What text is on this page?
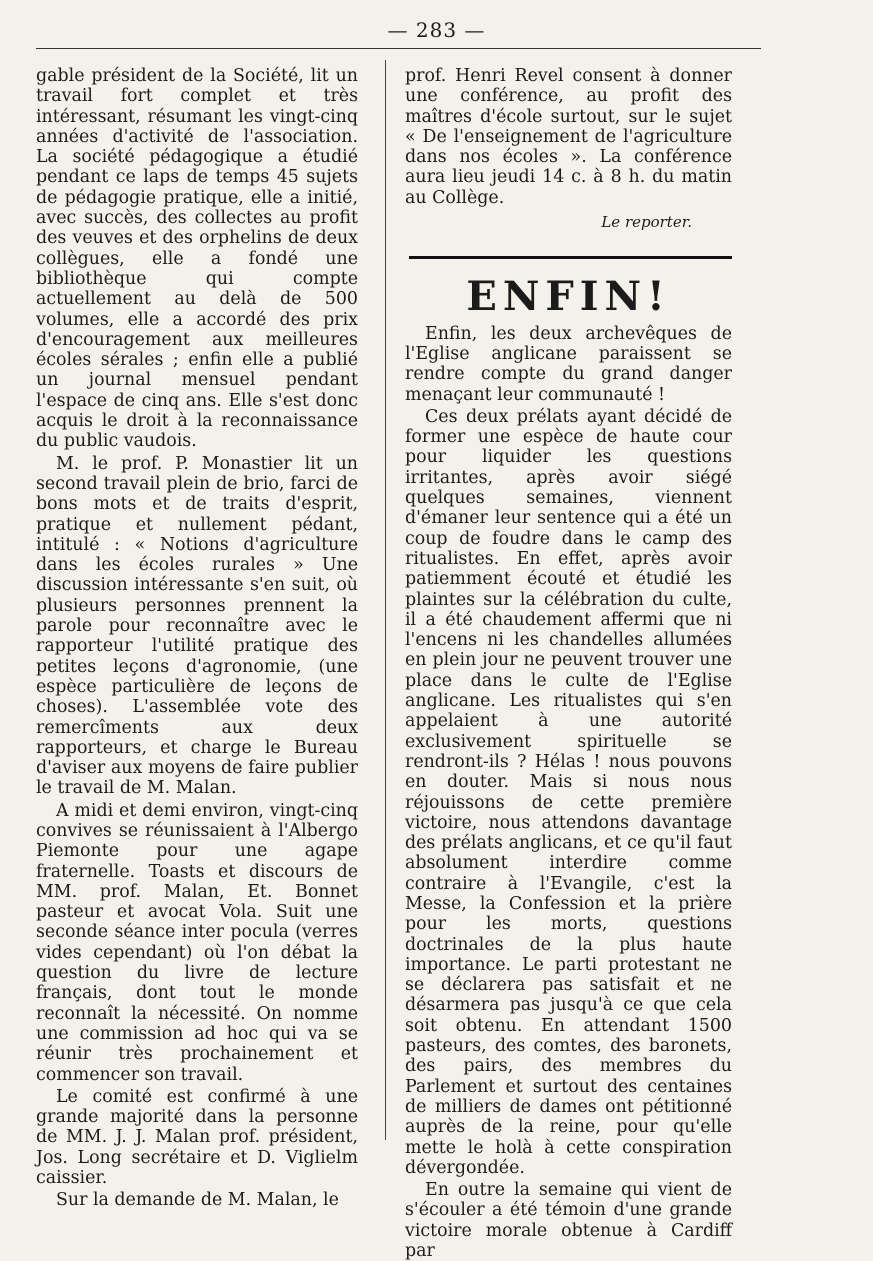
— 283 —

gable président de la Société, lit un travail fort complet et très intéressant, résumant les vingt-cinq années d'activité de l'association. La société pédagogique a étudié pendant ce laps de temps 45 sujets de pédagogie pratique, elle a initié, avec succès, des collectes au profit des veuves et des orphelins de deux collègues, elle a fondé une bibliothèque qui compte actuellement au delà de 500 volumes, elle a accordé des prix d'encouragement aux meilleures écoles sérales ; enfin elle a publié un journal mensuel pendant l'espace de cinq ans. Elle s'est donc acquis le droit à la reconnaissance du public vaudois.

M. le prof. P. Monastier lit un second travail plein de brio, farci de bons mots et de traits d'esprit, pratique et nullement pédant, intitulé : « Notions d'agriculture dans les écoles rurales » Une discussion intéressante s'en suit, où plusieurs personnes prennent la parole pour reconnaître avec le rapporteur l'utilité pratique des petites leçons d'agronomie, (une espèce particulière de leçons de choses). L'assemblée vote des remercîments aux deux rapporteurs, et charge le Bureau d'aviser aux moyens de faire publier le travail de M. Malan.

A midi et demi environ, vingt-cinq convives se réunissaient à l'Albergo Piemonte pour une agape fraternelle. Toasts et discours de MM. prof. Malan, Et. Bonnet pasteur et avocat Vola. Suit une seconde séance inter pocula (verres vides cependant) où l'on débat la question du livre de lecture français, dont tout le monde reconnaît la nécessité. On nomme une commission ad hoc qui va se réunir très prochainement et commencer son travail.

Le comité est confirmé à une grande majorité dans la personne de MM. J. J. Malan prof. président, Jos. Long secrétaire et D. Viglielm caissier.

Sur la demande de M. Malan, le

prof. Henri Revel consent à donner une conférence, au profit des maîtres d'école surtout, sur le sujet « De l'enseignement de l'agriculture dans nos écoles ». La conférence aura lieu jeudi 14 c. à 8 h. du matin au Collège.

Le reporter.
ENFIN!

Enfin, les deux archevêques de l'Eglise anglicane paraissent se rendre compte du grand danger menaçant leur communauté !

Ces deux prélats ayant décidé de former une espèce de haute cour pour liquider les questions irritantes, après avoir siégé quelques semaines, viennent d'émaner leur sentence qui a été un coup de foudre dans le camp des ritualistes. En effet, après avoir patiemment écouté et étudié les plaintes sur la célébration du culte, il a été chaudement affermi que ni l'encens ni les chandelles allumées en plein jour ne peuvent trouver une place dans le culte de l'Eglise anglicane. Les ritualistes qui s'en appelaient à une autorité exclusivement spirituelle se rendront-ils ? Hélas ! nous pouvons en douter. Mais si nous nous réjouissons de cette première victoire, nous attendons davantage des prélats anglicans, et ce qu'il faut absolument interdire comme contraire à l'Evangile, c'est la Messe, la Confession et la prière pour les morts, questions doctrinales de la plus haute importance. Le parti protestant ne se déclarera pas satisfait et ne désarmera pas jusqu'à ce que cela soit obtenu. En attendant 1500 pasteurs, des comtes, des baronets, des pairs, des membres du Parlement et surtout des centaines de milliers de dames ont pétitionné auprès de la reine, pour qu'elle mette le holà à cette conspiration dévergondée.

En outre la semaine qui vient de s'écouler a été témoin d'une grande victoire morale obtenue à Cardiff par
